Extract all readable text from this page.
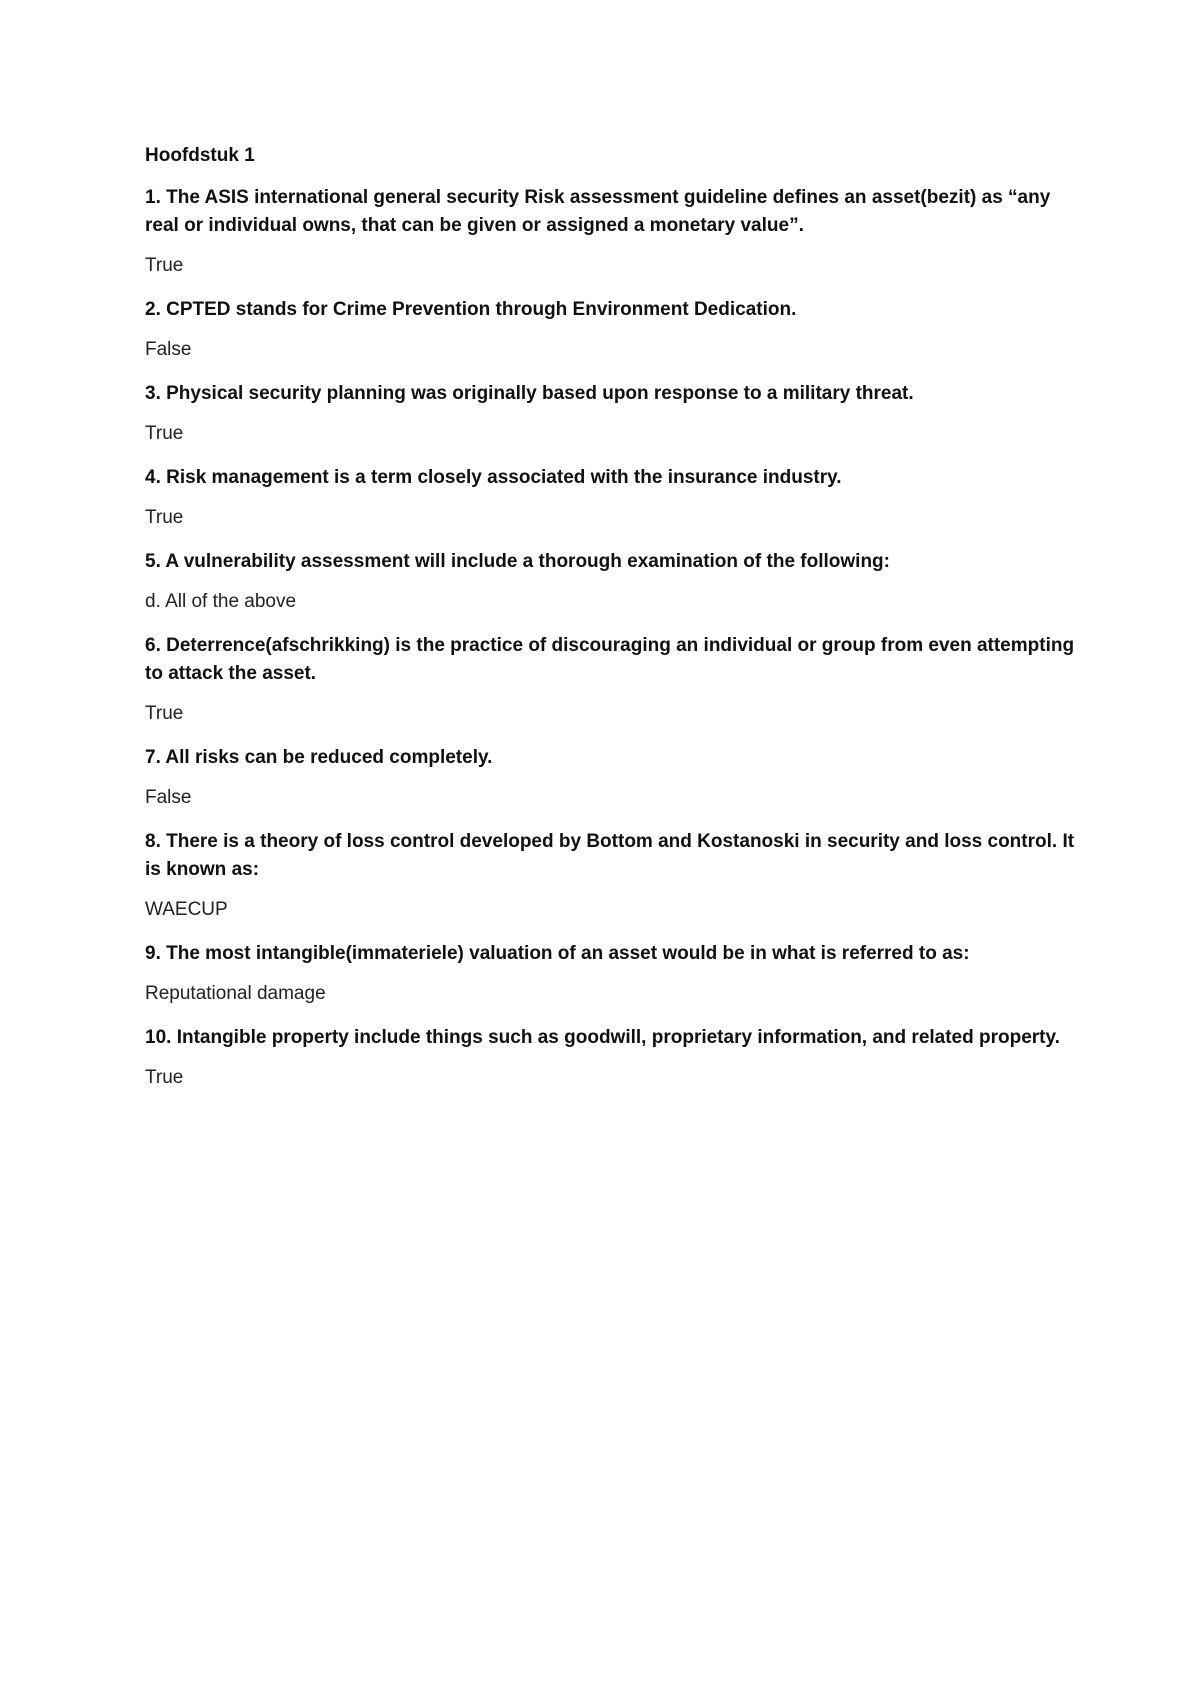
Hoofdstuk 1
1. The ASIS international general security Risk assessment guideline defines an asset(bezit) as “any real or individual owns, that can be given or assigned a monetary value”.
True
2. CPTED stands for Crime Prevention through Environment Dedication.
False
3. Physical security planning was originally based upon response to a military threat.
True
4. Risk management is a term closely associated with the insurance industry.
True
5. A vulnerability assessment will include a thorough examination of the following:
d. All of the above
6. Deterrence(afschrikking) is the practice of discouraging an individual or group from even attempting to attack the asset.
True
7. All risks can be reduced completely.
False
8. There is a theory of loss control developed by Bottom and Kostanoski in security and loss control. It is known as:
WAECUP
9. The most intangible(immateriele) valuation of an asset would be in what is referred to as:
Reputational damage
10. Intangible property include things such as goodwill, proprietary information, and related property.
True
